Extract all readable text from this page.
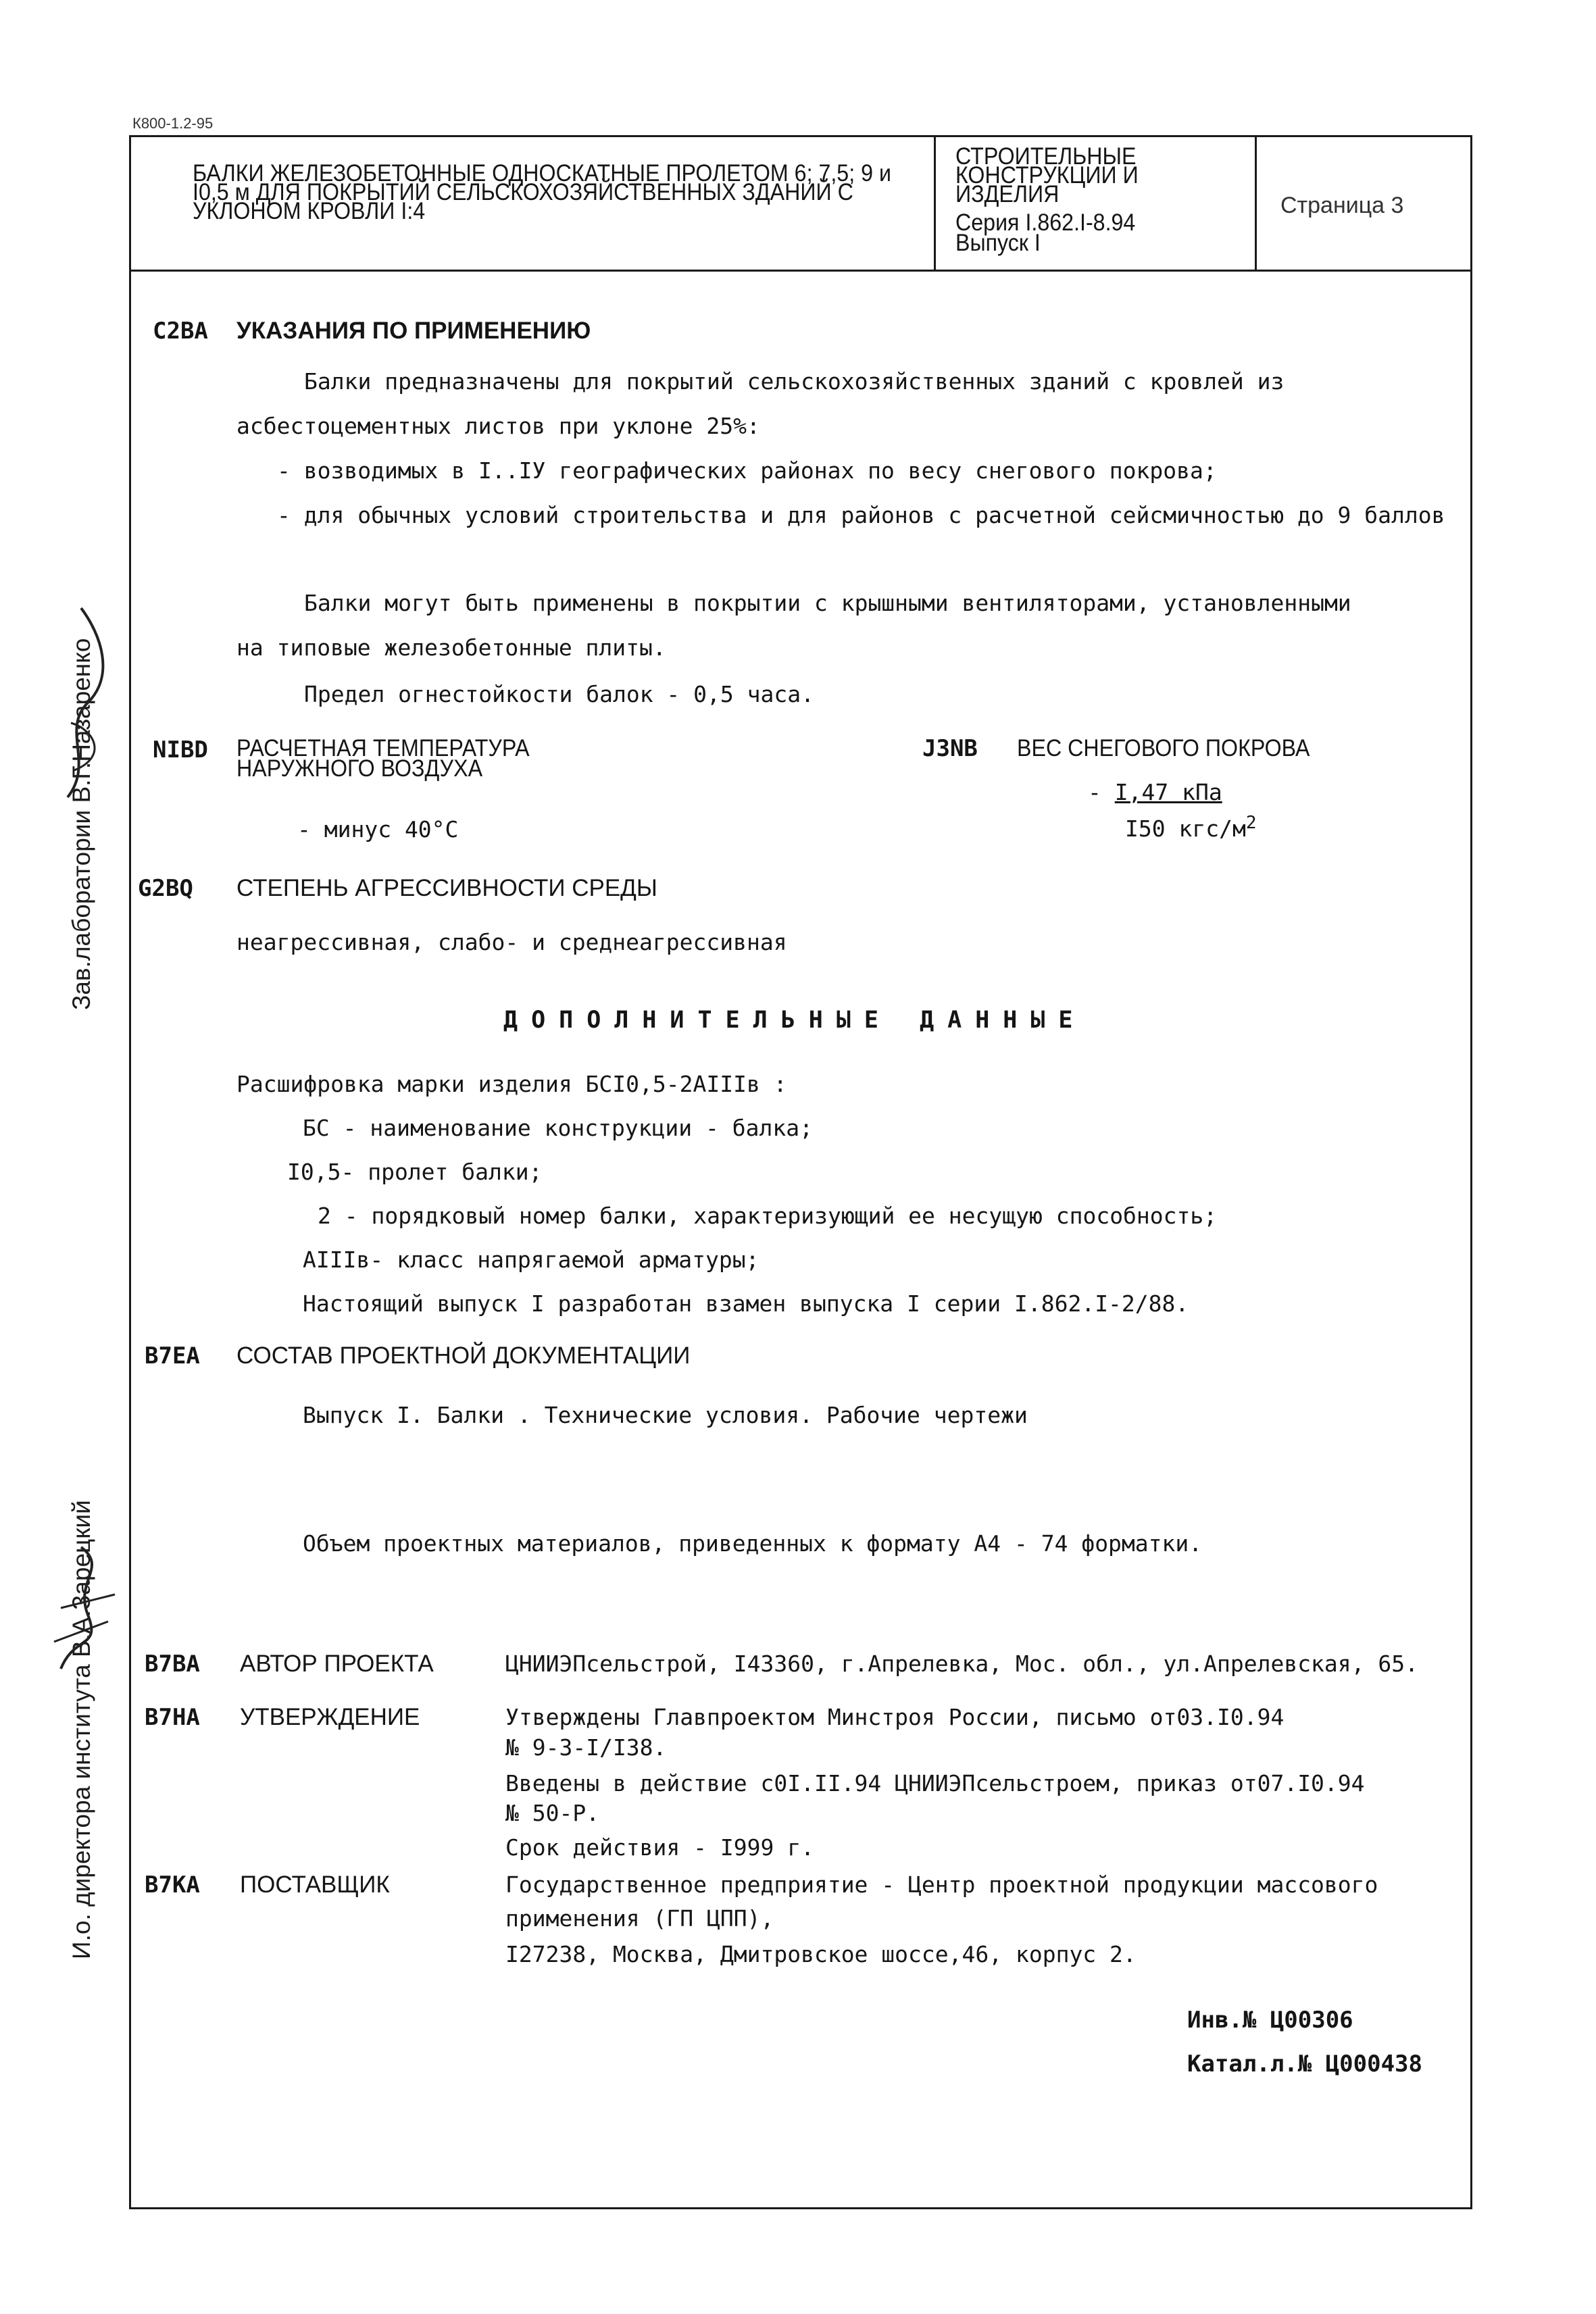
К800-1.2-95
БАЛКИ ЖЕЛЕЗОБЕТОННЫЕ ОДНОСКАТНЫЕ ПРОЛЕТОМ 6; 7,5; 9 и
I0,5 м ДЛЯ ПОКРЫТИЙ СЕЛЬСКОХОЗЯЙСТВЕННЫХ ЗДАНИЙ С
УКЛОНОМ КРОВЛИ I:4
СТРОИТЕЛЬНЫЕ
КОНСТРУКЦИИ И
ИЗДЕЛИЯ
Серия I.862.I-8.94
Выпуск I
Страница 3
Зав.лаборатории В.Г.Назаренко
И.о. директора института В.А.Зарецкий
C2BA УКАЗАНИЯ ПО ПРИМЕНЕНИЮ
Балки предназначены для покрытий сельскохозяйственных зданий с кровлей из
асбестоцементных листов при уклоне 25%:
- возводимых в I..IУ географических районах по весу снегового покрова;
- для обычных условий строительства и для районов с расчетной сейсмичностью до 9 баллов
Балки могут быть применены в покрытии с крышными вентиляторами, установленными
на типовые железобетонные плиты.
Предел огнестойкости балок - 0,5 часа.
NIBD РАСЧЕТНАЯ ТЕМПЕРАТУРА
НАРУЖНОГО ВОЗДУХА
- минус 40°С
J3NB ВЕС СНЕГОВОГО ПОКРОВА
- I,47 кПа
I50 кгс/$м^2$
G2BQ СТЕПЕНЬ АГРЕССИВНОСТИ СРЕДЫ
неагрессивная, слабо- и среднеагрессивная
ДОПОЛНИТЕЛЬНЫЕ ДАННЫЕ
Расшифровка марки изделия БСI0,5-2АIIIв :
БС - наименование конструкции - балка;
I0,5- пролет балки;
2 - порядковый номер балки, характеризующий ее несущую способность;
АIIIв- класс напрягаемой арматуры;
Настоящий выпуск I разработан взамен выпуска I серии I.862.I-2/88.
B7EA СОСТАВ ПРОЕКТНОЙ ДОКУМЕНТАЦИИ
Выпуск I. Балки . Технические условия. Рабочие чертежи
Объем проектных материалов, приведенных к формату А4 - 74 форматки.
B7BA АВТОР ПРОЕКТА	ЦНИИЭПсельстрой, I43360, г.Апрелевка, Мос. обл., ул.Апрелевская, 65.
B7HA УТВЕРЖДЕНИЕ	Утверждены Главпроектом Минстроя России, письмо от03.I0.94
№ 9-3-I/I38.
Введены в действие с0I.II.94 ЦНИИЭПсельстроем, приказ от07.I0.94
№ 50-Р.
Срок действия - I999 г.
B7KA ПОСТАВЩИК	Государственное предприятие - Центр проектной продукции массового
применения (ГП ЦПП),
I27238, Москва, Дмитровское шоссе,46, корпус 2.
Инв.№ Ц00306
Катал.л.№ Ц000438
